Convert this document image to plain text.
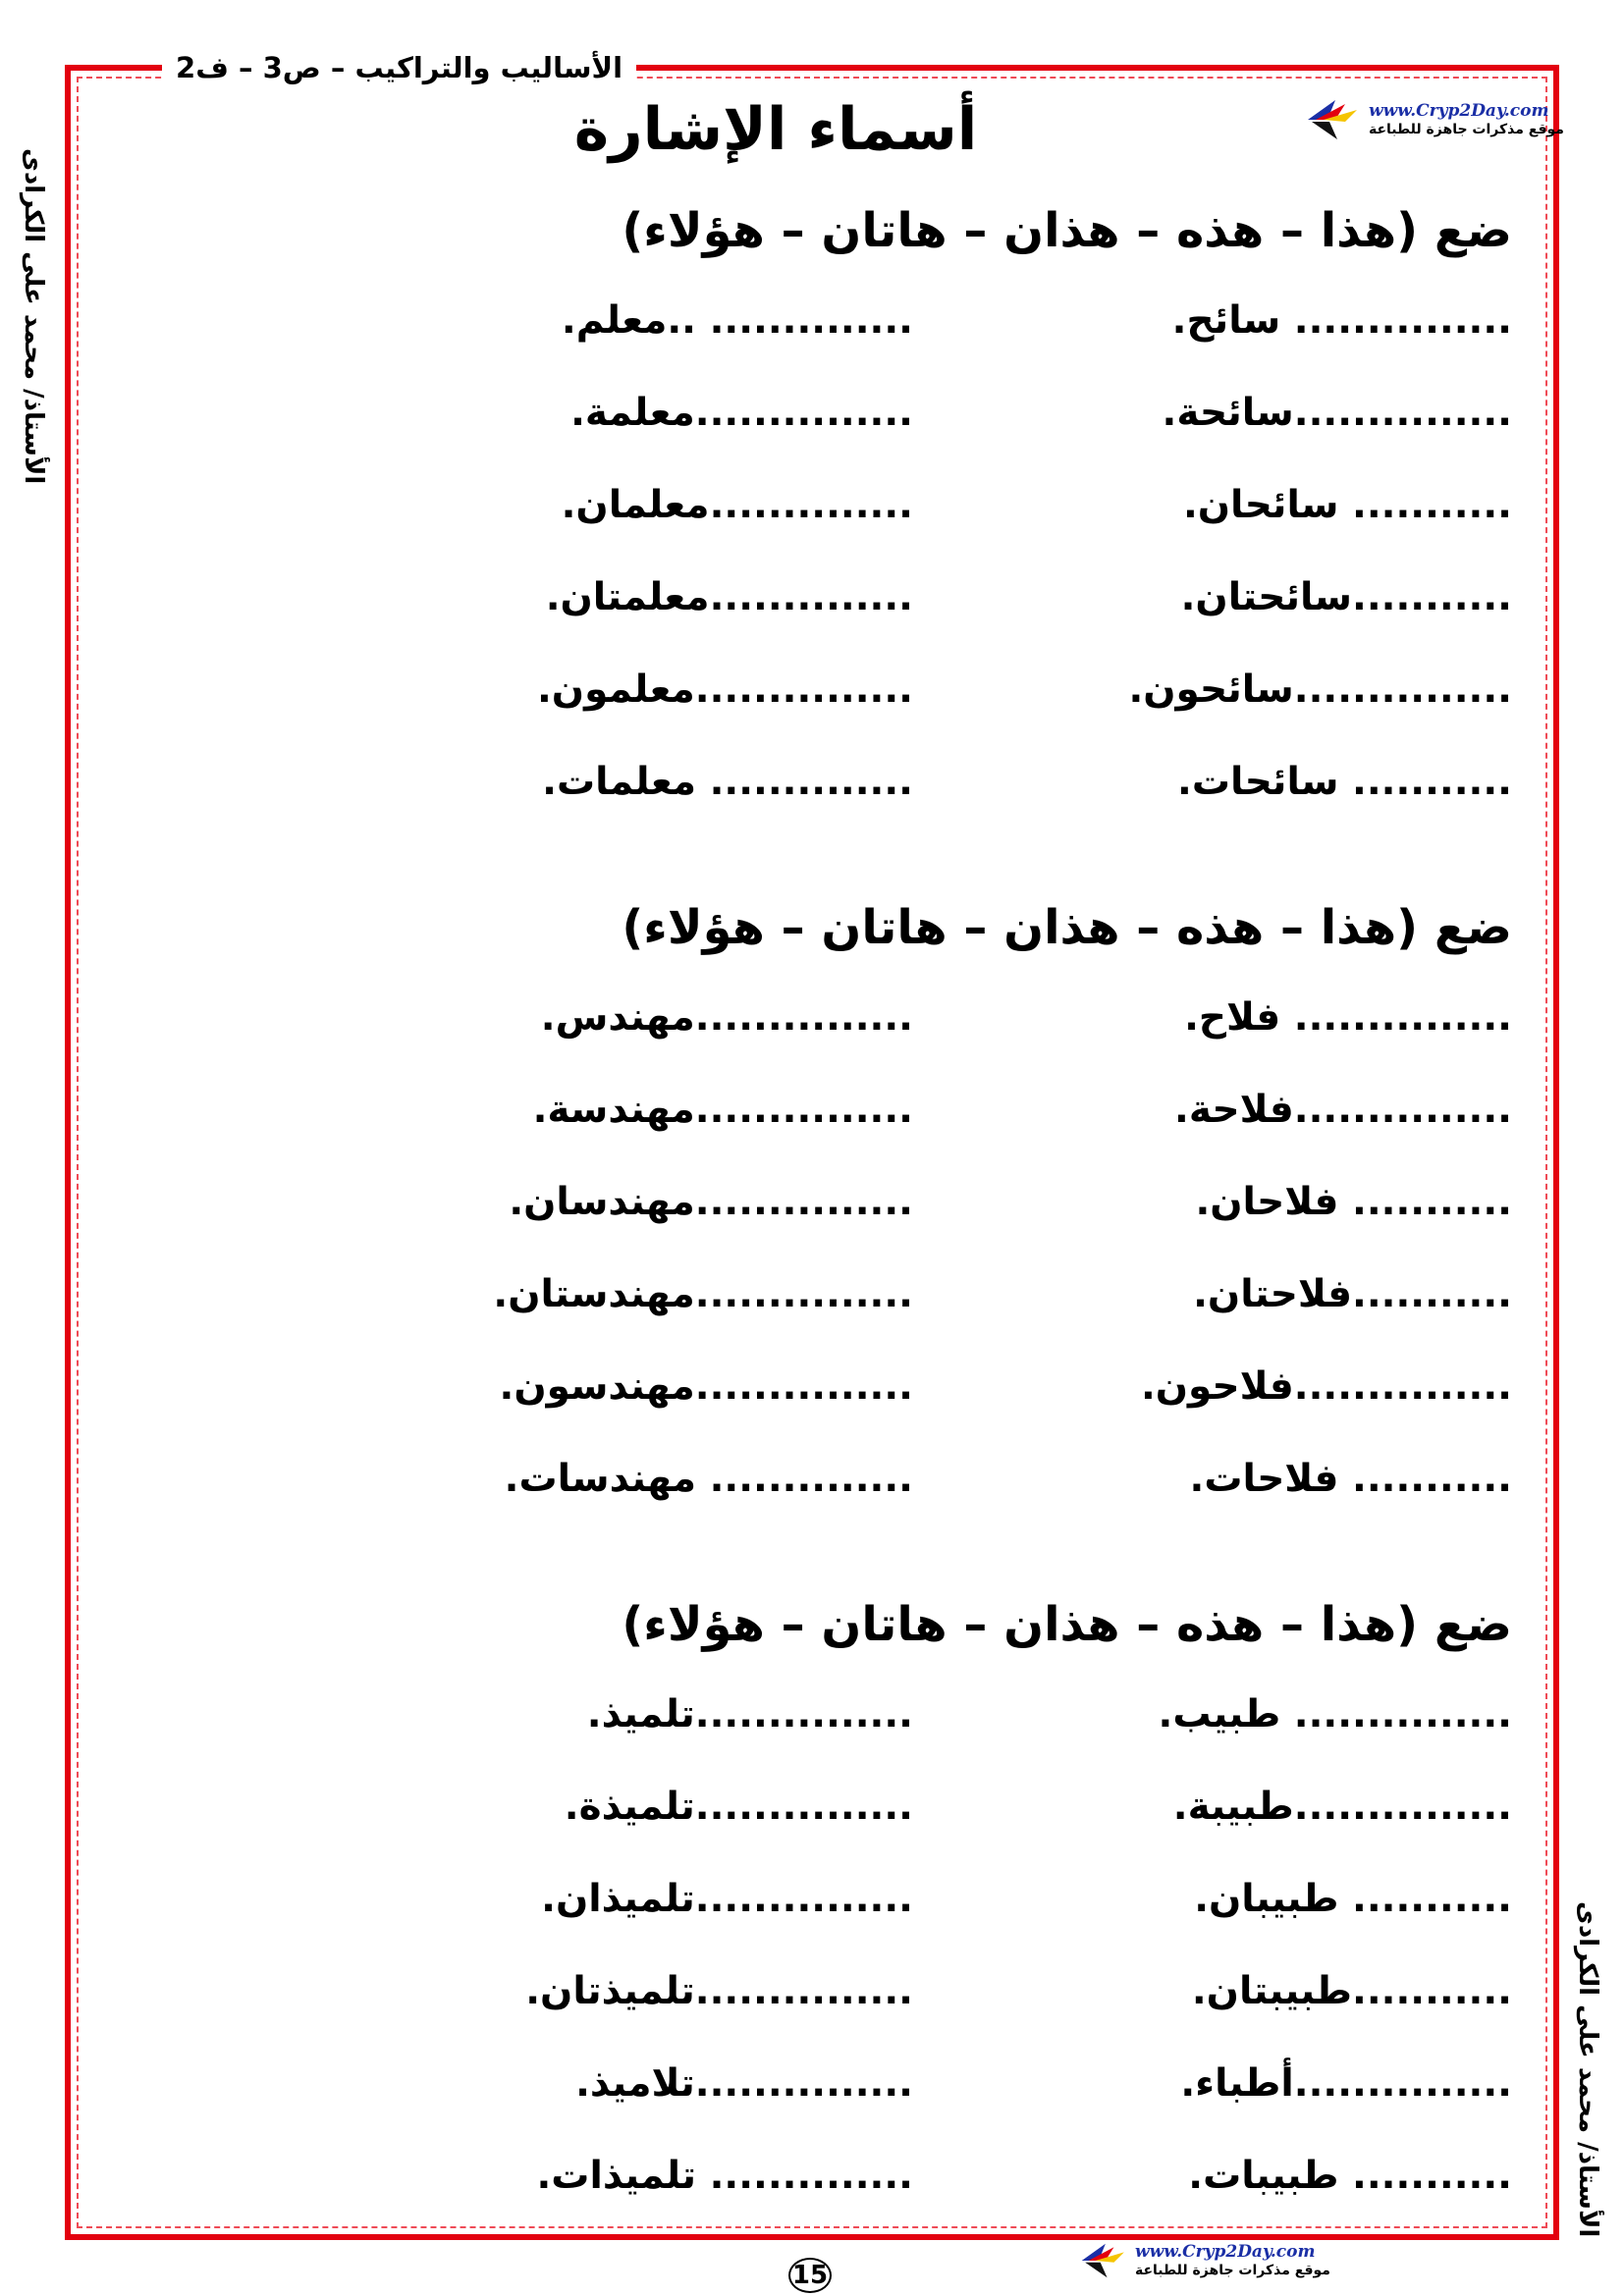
الأساليب والتراكيب – ص3 – ف2
الأستاذ/ محمد على الكرادى
الأستاذ/ محمد على الكرادى
أسماء الإشارة	www.Cryp2Day.com
موقع مذكرات جاهزة للطباعة
ضع (هذا – هذه – هذان – هاتان – هؤلاء)
............... سائح.
...............سائحة.
........... سائحان.
...........سائحتان.
...............سائحون.
........... سائحات.
.............. ..معلم.
...............معلمة.
..............معلمان.
..............معلمتان.
...............معلمون.
.............. معلمات.
ضع (هذا – هذه – هذان – هاتان – هؤلاء)
............... فلاح.
...............فلاحة.
........... فلاحان.
...........فلاحتان.
...............فلاحون.
........... فلاحات.
...............مهندس.
...............مهندسة.
...............مهندسان.
...............مهندستان.
...............مهندسون.
.............. مهندسات.
ضع (هذا – هذه – هذان – هاتان – هؤلاء)
............... طبيب.
...............طبيبة.
........... طبيبان.
...........طبيبتان.
...............أطباء.
........... طبيبات.
...............تلميذ.
...............تلميذة.
...............تلميذان.
...............تلميذتان.
...............تلاميذ.
.............. تلميذات.
15
www.Cryp2Day.com
موقع مذكرات جاهزة للطباعة
